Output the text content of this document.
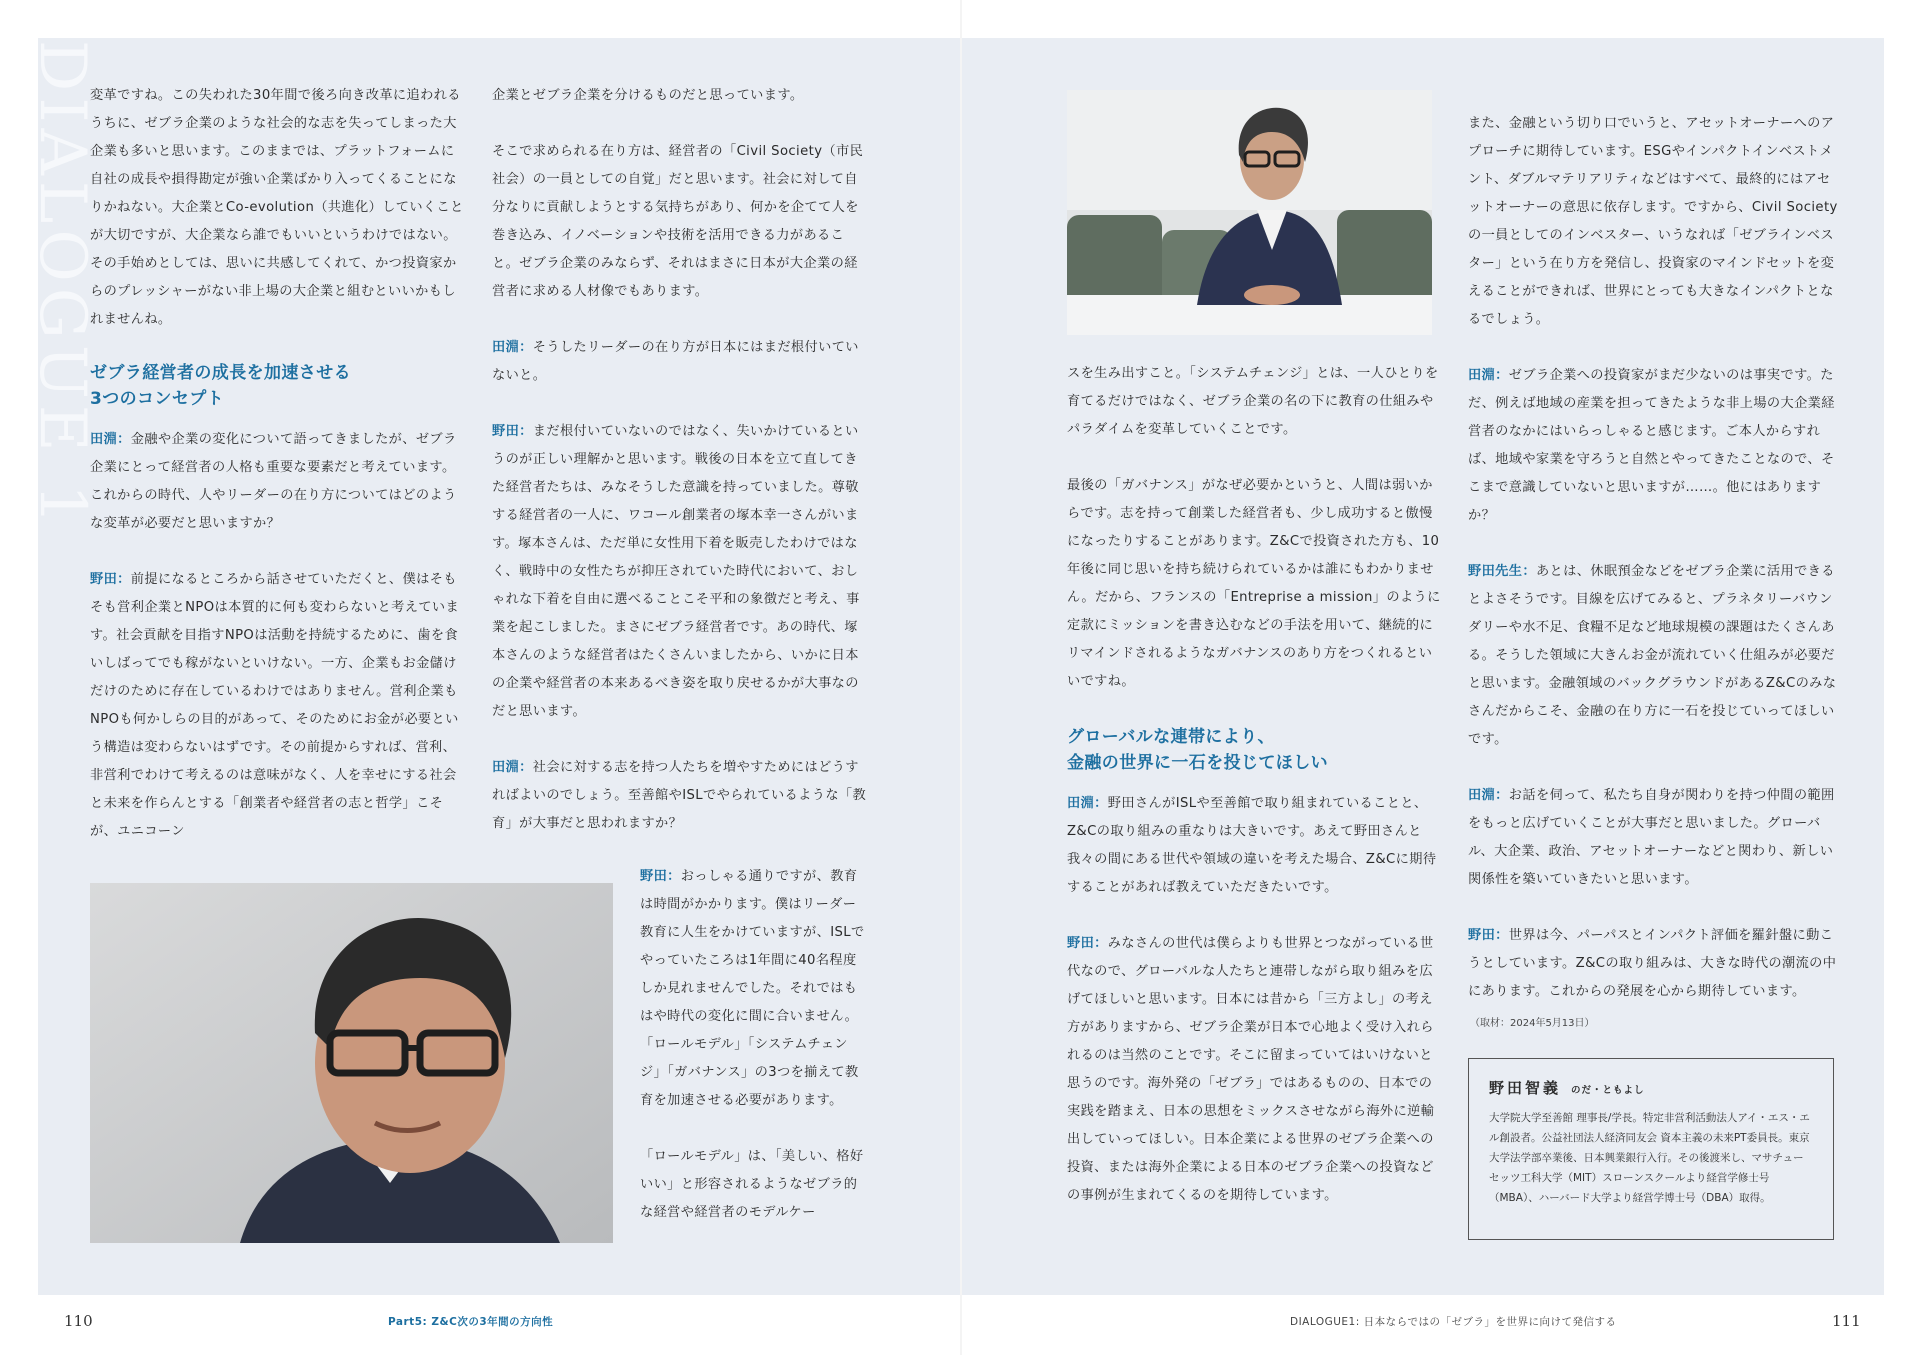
DIALOGUE 1

変革ですね。この失われた30年間で後ろ向き改革に追われるうちに、ゼブラ企業のような社会的な志を失ってしまった大企業も多いと思います。このままでは、プラットフォームに自社の成長や損得勘定が強い企業ばかり入ってくることになりかねない。大企業とCo-evolution（共進化）していくことが大切ですが、大企業なら誰でもいいというわけではない。その手始めとしては、思いに共感してくれて、かつ投資家からのプレッシャーがない非上場の大企業と組むといいかもしれませんね。

ゼブラ経営者の成長を加速させる
3つのコンセプト

田淵：金融や企業の変化について語ってきましたが、ゼブラ企業にとって経営者の人格も重要な要素だと考えています。これからの時代、人やリーダーの在り方についてはどのような変革が必要だと思いますか？

野田：前提になるところから話させていただくと、僕はそもそも営利企業とNPOは本質的に何も変わらないと考えています。社会貢献を目指すNPOは活動を持続するために、歯を食いしばってでも稼がないといけない。一方、企業もお金儲けだけのために存在しているわけではありません。営利企業もNPOも何かしらの目的があって、そのためにお金が必要という構造は変わらないはずです。その前提からすれば、営利、非営利でわけて考えるのは意味がなく、人を幸せにする社会と未来を作らんとする「創業者や経営者の志と哲学」こそが、ユニコーン

企業とゼブラ企業を分けるものだと思っています。

そこで求められる在り方は、経営者の「Civil Society（市民社会）の一員としての自覚」だと思います。社会に対して自分なりに貢献しようとする気持ちがあり、何かを企てて人を巻き込み、イノベーションや技術を活用できる力があること。ゼブラ企業のみならず、それはまさに日本が大企業の経営者に求める人材像でもあります。

田淵：そうしたリーダーの在り方が日本にはまだ根付いていないと。

野田：まだ根付いていないのではなく、失いかけているというのが正しい理解かと思います。戦後の日本を立て直してきた経営者たちは、みなそうした意識を持っていました。尊敬する経営者の一人に、ワコール創業者の塚本幸一さんがいます。塚本さんは、ただ単に女性用下着を販売したわけではなく、戦時中の女性たちが抑圧されていた時代において、おしゃれな下着を自由に選べることこそ平和の象徴だと考え、事業を起こしました。まさにゼブラ経営者です。あの時代、塚本さんのような経営者はたくさんいましたから、いかに日本の企業や経営者の本来あるべき姿を取り戻せるかが大事なのだと思います。

田淵：社会に対する志を持つ人たちを増やすためにはどうすればよいのでしょう。至善館やISLでやられているような「教育」が大事だと思われますか？

野田：おっしゃる通りですが、教育は時間がかかります。僕はリーダー教育に人生をかけていますが、ISLでやっていたころは1年間に40名程度しか見れませんでした。それではもはや時代の変化に間に合いません。「ロールモデル」「システムチェンジ」「ガバナンス」の3つを揃えて教育を加速させる必要があります。

「ロールモデル」は、「美しい、格好いい」と形容されるようなゼブラ的な経営や経営者のモデルケー

110	Part5: Z&C次の3年間の方向性

スを生み出すこと。「システムチェンジ」とは、一人ひとりを育てるだけではなく、ゼブラ企業の名の下に教育の仕組みやパラダイムを変革していくことです。

最後の「ガバナンス」がなぜ必要かというと、人間は弱いからです。志を持って創業した経営者も、少し成功すると傲慢になったりすることがあります。Z&Cで投資された方も、10年後に同じ思いを持ち続けられているかは誰にもわかりません。だから、フランスの「Entreprise a mission」のように定款にミッションを書き込むなどの手法を用いて、継続的にリマインドされるようなガバナンスのあり方をつくれるといいですね。

グローバルな連帯により、
金融の世界に一石を投じてほしい

田淵：野田さんがISLや至善館で取り組まれていることと、Z&Cの取り組みの重なりは大きいです。あえて野田さんと我々の間にある世代や領域の違いを考えた場合、Z&Cに期待することがあれば教えていただきたいです。

野田：みなさんの世代は僕らよりも世界とつながっている世代なので、グローバルな人たちと連帯しながら取り組みを広げてほしいと思います。日本には昔から「三方よし」の考え方がありますから、ゼブラ企業が日本で心地よく受け入れられるのは当然のことです。そこに留まっていてはいけないと思うのです。海外発の「ゼブラ」ではあるものの、日本での実践を踏まえ、日本の思想をミックスさせながら海外に逆輸出していってほしい。日本企業による世界のゼブラ企業への投資、または海外企業による日本のゼブラ企業への投資などの事例が生まれてくるのを期待しています。

また、金融という切り口でいうと、アセットオーナーへのアプローチに期待しています。ESGやインパクトインベストメント、ダブルマテリアリティなどはすべて、最終的にはアセットオーナーの意思に依存します。ですから、Civil Societyの一員としてのインベスター、いうなれば「ゼブラインベスター」という在り方を発信し、投資家のマインドセットを変えることができれば、世界にとっても大きなインパクトとなるでしょう。

田淵：ゼブラ企業への投資家がまだ少ないのは事実です。ただ、例えば地域の産業を担ってきたような非上場の大企業経営者のなかにはいらっしゃると感じます。ご本人からすれば、地域や家業を守ろうと自然とやってきたことなので、そこまで意識していないと思いますが……。他にはありますか？

野田先生：あとは、休眠預金などをゼブラ企業に活用できるとよさそうです。目線を広げてみると、プラネタリーバウンダリーや水不足、食糧不足など地球規模の課題はたくさんある。そうした領域に大きんお金が流れていく仕組みが必要だと思います。金融領域のバックグラウンドがあるZ&Cのみなさんだからこそ、金融の在り方に一石を投じていってほしいです。

田淵：お話を伺って、私たち自身が関わりを持つ仲間の範囲をもっと広げていくことが大事だと思いました。グローバル、大企業、政治、アセットオーナーなどと関わり、新しい関係性を築いていきたいと思います。

野田：世界は今、パーパスとインパクト評価を羅針盤に動こうとしています。Z&Cの取り組みは、大きな時代の潮流の中にあります。これからの発展を心から期待しています。

（取材：2024年5月13日）
野田智義 のだ・ともよし
大学院大学至善館 理事長/学長。特定非営利活動法人アイ・エス・エル創設者。公益社団法人経済同友会 資本主義の未来PT委員長。東京大学法学部卒業後、日本興業銀行入行。その後渡米し、マサチューセッツ工科大学（MIT）スローンスクールより経営学修士号（MBA）、ハーバード大学より経営学博士号（DBA）取得。
DIALOGUE1: 日本ならではの「ゼブラ」を世界に向けて発信する	111
